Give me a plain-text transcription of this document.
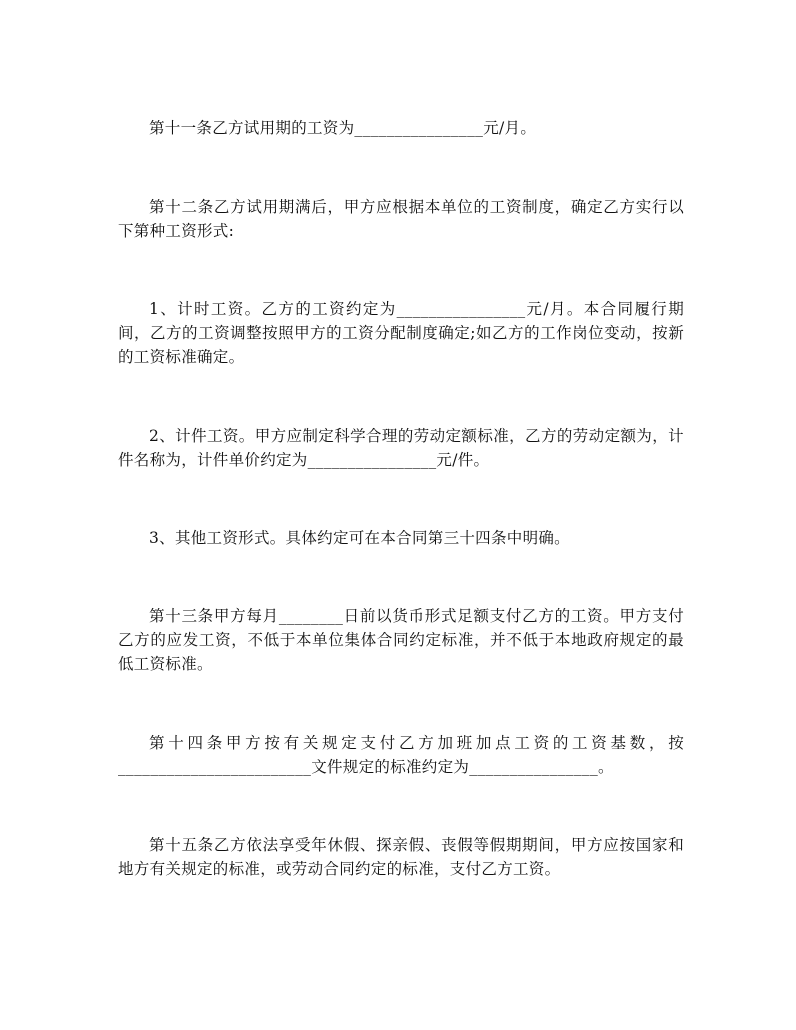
第十一条乙方试用期的工资为________________元/月。

第十二条乙方试用期满后，甲方应根据本单位的工资制度，确定乙方实行以下第种工资形式:

1、计时工资。乙方的工资约定为________________元/月。本合同履行期间，乙方的工资调整按照甲方的工资分配制度确定;如乙方的工作岗位变动，按新的工资标准确定。

2、计件工资。甲方应制定科学合理的劳动定额标准，乙方的劳动定额为，计件名称为，计件单价约定为________________元/件。

3、其他工资形式。具体约定可在本合同第三十四条中明确。

第十三条甲方每月________日前以货币形式足额支付乙方的工资。甲方支付乙方的应发工资，不低于本单位集体合同约定标准，并不低于本地政府规定的最低工资标准。

第十四条甲方按有关规定支付乙方加班加点工资的工资基数，按________________________文件规定的标准约定为________________。

第十五条乙方依法享受年休假、探亲假、丧假等假期期间，甲方应按国家和地方有关规定的标准，或劳动合同约定的标准，支付乙方工资。
